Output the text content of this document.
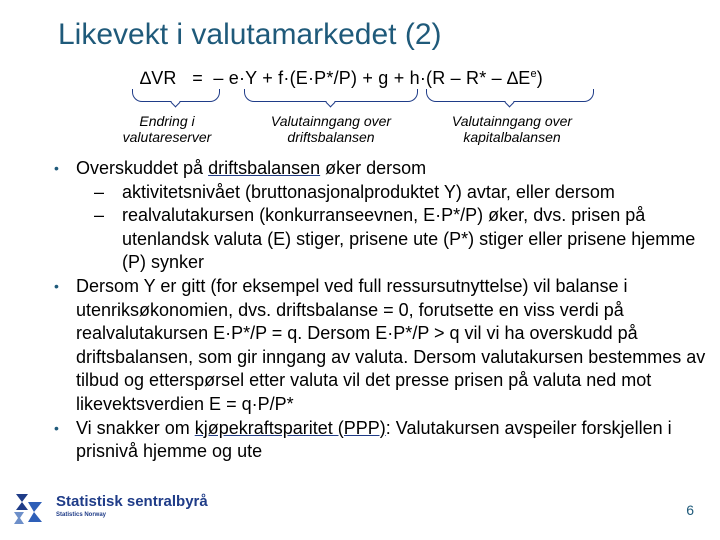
Likevekt i valutamarkedet (2)
∆VR = – $e\cdot Y + f\cdot(E\cdot P*/P) + g + h\cdot(R - R* - \Delta E^e)$
Endring i valutareserver
Valutainngang over driftsbalansen
Valutainngang over kapitalbalansen
• Overskuddet på driftsbalansen øker dersom
– aktivitetsnivået (bruttonasjonalproduktet Y) avtar, eller dersom
– realvalutakursen (konkurranseevnen, E·P*/P) øker, dvs. prisen på utenlandsk valuta (E) stiger, prisene ute (P*) stiger eller prisene hjemme (P) synker
• Dersom Y er gitt (for eksempel ved full ressursutnyttelse) vil balanse i utenriksøkonomien, dvs. driftsbalanse = 0, forutsette en viss verdi på realvalutakursen E·P*/P = q. Dersom E·P*/P > q vil vi ha overskudd på driftsbalansen, som gir inngang av valuta. Dersom valutakursen bestemmes av tilbud og etterspørsel etter valuta vil det presse prisen på valuta ned mot likevektsverdien E = q·P/P*
• Vi snakker om kjøpekraftsparitet (PPP): Valutakursen avspeiler forskjellen i prisnivå hjemme og ute
Statistisk sentralbyrå
Statistics Norway	6
